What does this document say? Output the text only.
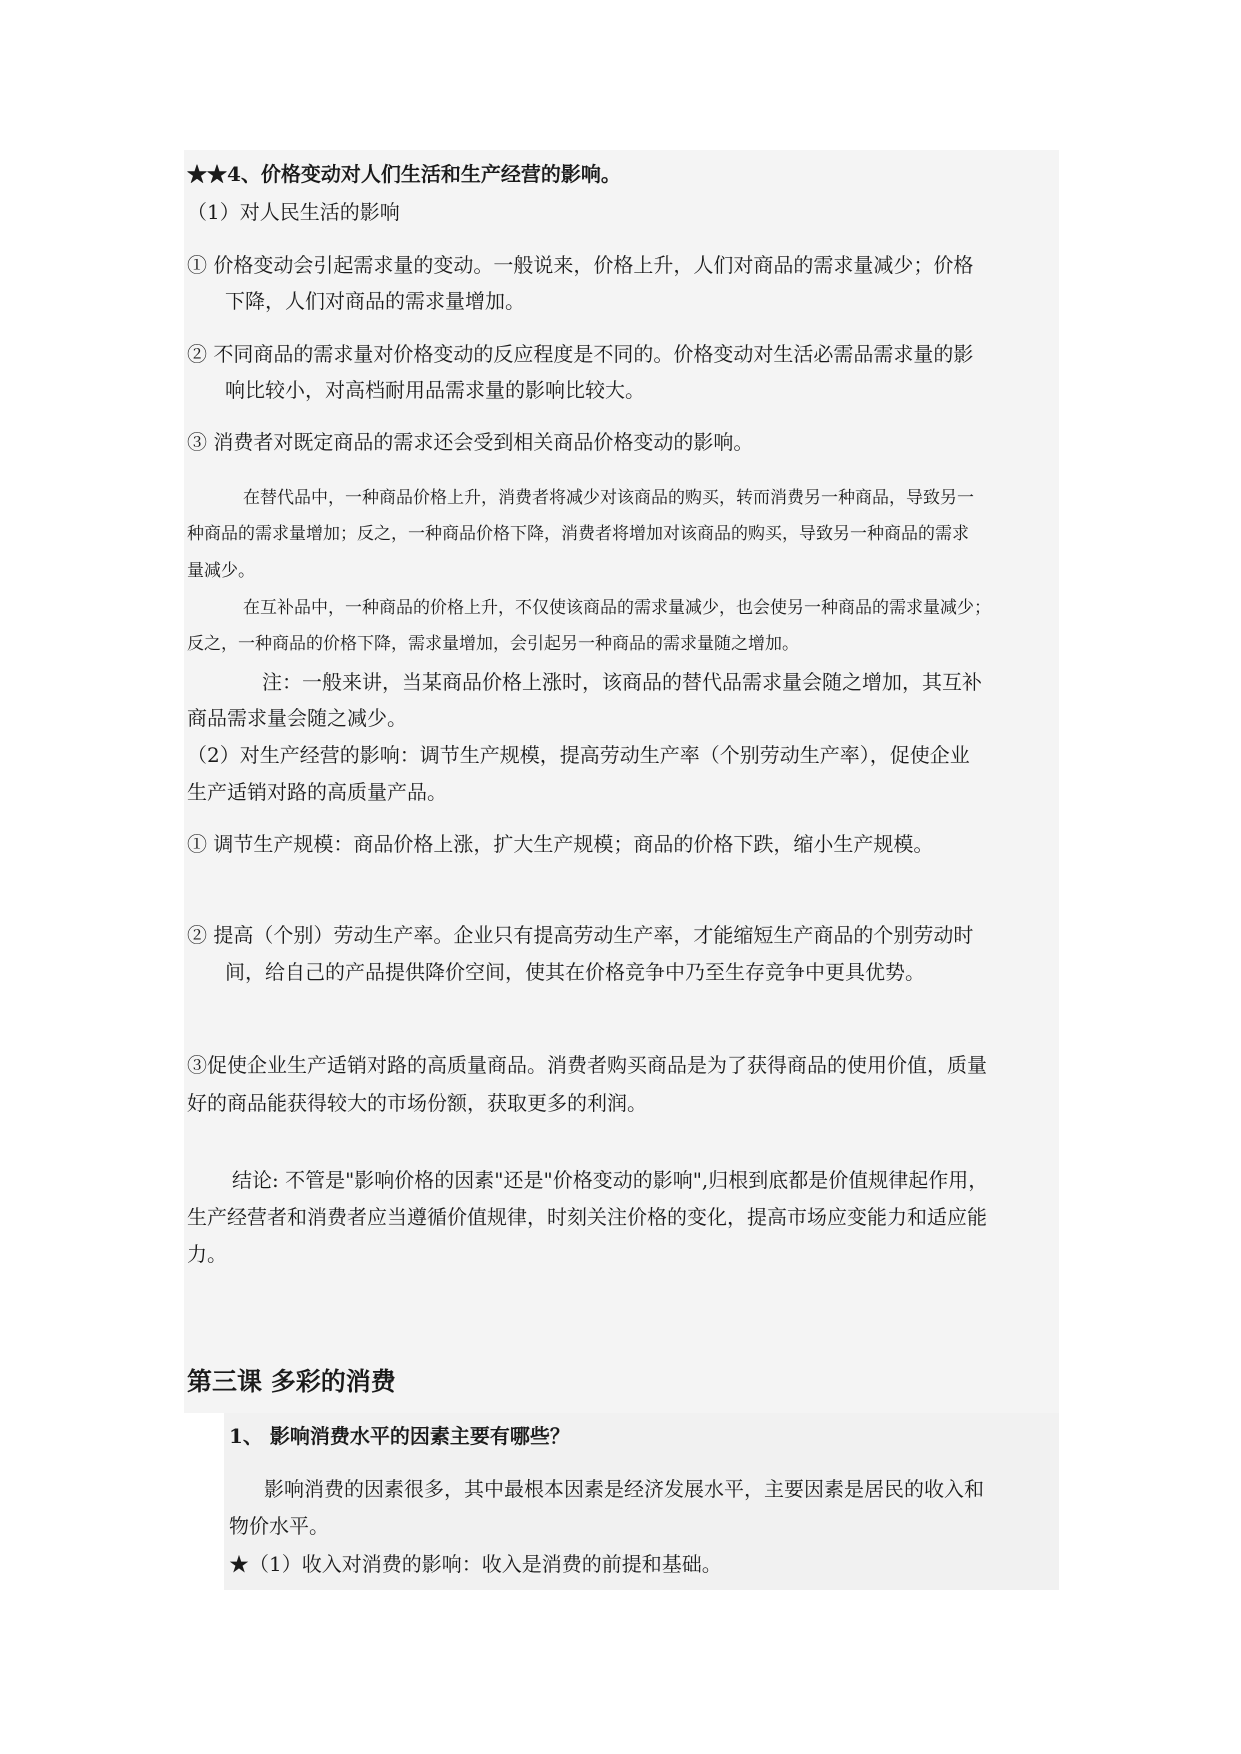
★★4、价格变动对人们生活和生产经营的影响。
（1）对人民生活的影响
① 价格变动会引起需求量的变动。一般说来，价格上升，人们对商品的需求量减少；价格
下降，人们对商品的需求量增加。
② 不同商品的需求量对价格变动的反应程度是不同的。价格变动对生活必需品需求量的影
响比较小，对高档耐用品需求量的影响比较大。
③ 消费者对既定商品的需求还会受到相关商品价格变动的影响。
在替代品中，一种商品价格上升，消费者将减少对该商品的购买，转而消费另一种商品，导致另一
种商品的需求量增加；反之，一种商品价格下降，消费者将增加对该商品的购买，导致另一种商品的需求
量减少。
在互补品中，一种商品的价格上升，不仅使该商品的需求量减少，也会使另一种商品的需求量减少；
反之，一种商品的价格下降，需求量增加，会引起另一种商品的需求量随之增加。
注：一般来讲，当某商品价格上涨时，该商品的替代品需求量会随之增加，其互补
商品需求量会随之减少。
（2）对生产经营的影响：调节生产规模，提高劳动生产率（个别劳动生产率），促使企业
生产适销对路的高质量产品。
① 调节生产规模：商品价格上涨，扩大生产规模；商品的价格下跌，缩小生产规模。
② 提高（个别）劳动生产率。企业只有提高劳动生产率，才能缩短生产商品的个别劳动时
间，给自己的产品提供降价空间，使其在价格竞争中乃至生存竞争中更具优势。
③促使企业生产适销对路的高质量商品。消费者购买商品是为了获得商品的使用价值，质量
好的商品能获得较大的市场份额，获取更多的利润。
结论: 不管是"影响价格的因素"还是"价格变动的影响",归根到底都是价值规律起作用，
生产经营者和消费者应当遵循价值规律，时刻关注价格的变化，提高市场应变能力和适应能
力。
第三课 多彩的消费
1、 影响消费水平的因素主要有哪些？
影响消费的因素很多，其中最根本因素是经济发展水平，主要因素是居民的收入和
物价水平。
★（1）收入对消费的影响：收入是消费的前提和基础。
